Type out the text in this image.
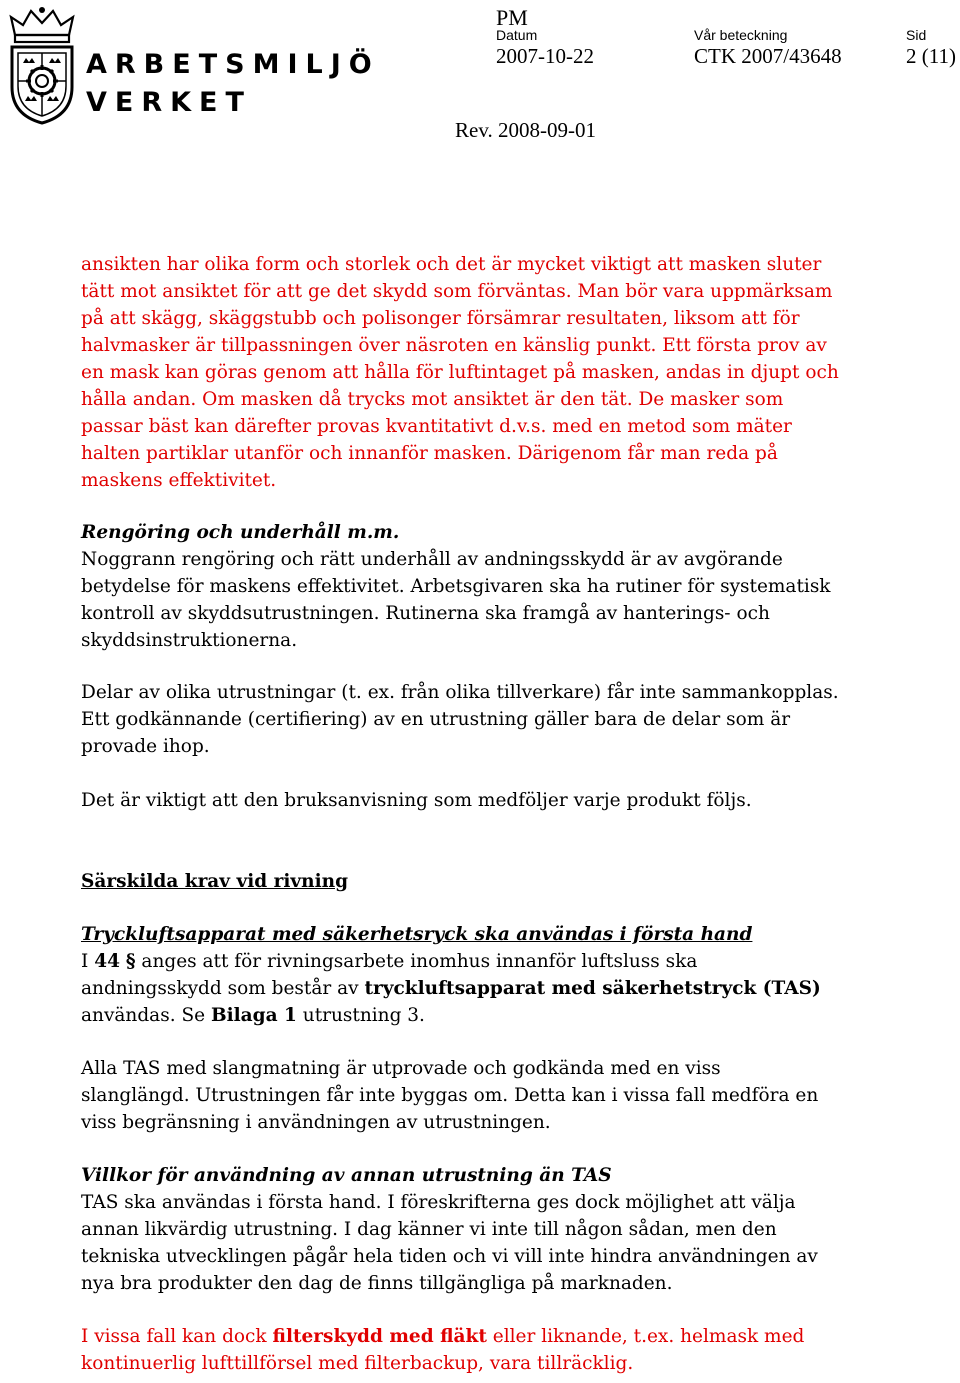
ARBETSMILJÖ
VERKET
PM
Datum	Vår beteckning	Sid
2007-10-22	CTK 2007/43648	2 (11)
Rev. 2008-09-01
ansikten har olika form och storlek och det är mycket viktigt att masken sluter
tätt mot ansiktet för att ge det skydd som förväntas. Man bör vara uppmärksam
på att skägg, skäggstubb och polisonger försämrar resultaten, liksom att för
halvmasker är tillpassningen över näsroten en känslig punkt. Ett första prov av
en mask kan göras genom att hålla för luftintaget på masken, andas in djupt och
hålla andan. Om masken då trycks mot ansiktet är den tät. De masker som
passar bäst kan därefter provas kvantitativt d.v.s. med en metod som mäter
halten partiklar utanför och innanför masken. Därigenom får man reda på
maskens effektivitet.
Rengöring och underhåll m.m.
Noggrann rengöring och rätt underhåll av andningsskydd är av avgörande
betydelse för maskens effektivitet. Arbetsgivaren ska ha rutiner för systematisk
kontroll av skyddsutrustningen. Rutinerna ska framgå av hanterings- och
skyddsinstruktionerna.
Delar av olika utrustningar (t. ex. från olika tillverkare) får inte sammankopplas.
Ett godkännande (certifiering) av en utrustning gäller bara de delar som är
provade ihop.
Det är viktigt att den bruksanvisning som medföljer varje produkt följs.
Särskilda krav vid rivning
Tryckluftsapparat med säkerhetsryck ska användas i första hand
I 44 § anges att för rivningsarbete inomhus innanför luftsluss ska
andningsskydd som består av tryckluftsapparat med säkerhetstryck (TAS)
användas. Se Bilaga 1 utrustning 3.
Alla TAS med slangmatning är utprovade och godkända med en viss
slanglängd. Utrustningen får inte byggas om. Detta kan i vissa fall medföra en
viss begränsning i användningen av utrustningen.
Villkor för användning av annan utrustning än TAS
TAS ska användas i första hand. I föreskrifterna ges dock möjlighet att välja
annan likvärdig utrustning. I dag känner vi inte till någon sådan, men den
tekniska utvecklingen pågår hela tiden och vi vill inte hindra användningen av
nya bra produkter den dag de finns tillgängliga på marknaden.
I vissa fall kan dock filterskydd med fläkt eller liknande, t.ex. helmask med
kontinuerlig lufttillförsel med filterbackup, vara tillräcklig.
